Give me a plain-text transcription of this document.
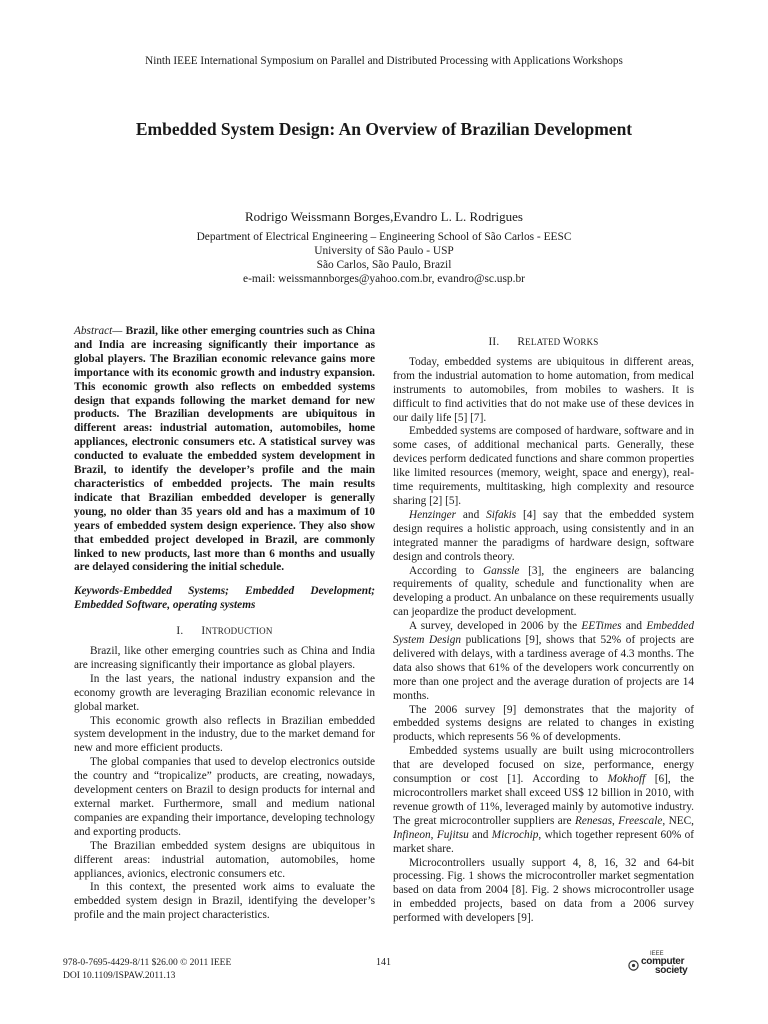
Ninth IEEE International Symposium on Parallel and Distributed Processing with Applications Workshops
Embedded System Design: An Overview of Brazilian Development
Rodrigo Weissmann Borges,Evandro L. L. Rodrigues
Department of Electrical Engineering – Engineering School of São Carlos - EESC
University of São Paulo - USP
São Carlos, São Paulo, Brazil
e-mail: weissmannborges@yahoo.com.br, evandro@sc.usp.br
Abstract— Brazil, like other emerging countries such as China and India are increasing significantly their importance as global players. The Brazilian economic relevance gains more importance with its economic growth and industry expansion. This economic growth also reflects on embedded systems design that expands following the market demand for new products. The Brazilian developments are ubiquitous in different areas: industrial automation, automobiles, home appliances, electronic consumers etc. A statistical survey was conducted to evaluate the embedded system development in Brazil, to identify the developer’s profile and the main characteristics of embedded projects. The main results indicate that Brazilian embedded developer is generally young, no older than 35 years old and has a maximum of 10 years of embedded system design experience. They also show that embedded project developed in Brazil, are commonly linked to new products, last more than 6 months and usually are delayed considering the initial schedule.
Keywords-Embedded Systems; Embedded Development; Embedded Software, operating systems
I. INTRODUCTION

Brazil, like other emerging countries such as China and India are increasing significantly their importance as global players.

In the last years, the national industry expansion and the economy growth are leveraging Brazilian economic relevance in global market.

This economic growth also reflects in Brazilian embedded system development in the industry, due to the market demand for new and more efficient products.

The global companies that used to develop electronics outside the country and “tropicalize” products, are creating, nowadays, development centers on Brazil to design products for internal and external market. Furthermore, small and medium national companies are expanding their importance, developing technology and exporting products.

The Brazilian embedded system designs are ubiquitous in different areas: industrial automation, automobiles, home appliances, avionics, electronic consumers etc.

In this context, the presented work aims to evaluate the embedded system design in Brazil, identifying the developer’s profile and the main project characteristics.

II. RELATED WORKS

Today, embedded systems are ubiquitous in different areas, from the industrial automation to home automation, from medical instruments to automobiles, from mobiles to washers. It is difficult to find activities that do not make use of these devices in our daily life [5] [7].

Embedded systems are composed of hardware, software and in some cases, of additional mechanical parts. Generally, these devices perform dedicated functions and share common properties like limited resources (memory, weight, space and energy), real-time requirements, multitasking, high complexity and resource sharing [2] [5].

Henzinger and Sifakis [4] say that the embedded system design requires a holistic approach, using consistently and in an integrated manner the paradigms of hardware design, software design and controls theory.

According to Ganssle [3], the engineers are balancing requirements of quality, schedule and functionality when are developing a product. An unbalance on these requirements usually can jeopardize the product development.

A survey, developed in 2006 by the EETimes and Embedded System Design publications [9], shows that 52% of projects are delivered with delays, with a tardiness average of 4.3 months. The data also shows that 61% of the developers work concurrently on more than one project and the average duration of projects are 14 months.

The 2006 survey [9] demonstrates that the majority of embedded systems designs are related to changes in existing products, which represents 56 % of developments.

Embedded systems usually are built using microcontrollers that are developed focused on size, performance, energy consumption or cost [1]. According to Mokhoff [6], the microcontrollers market shall exceed US$ 12 billion in 2010, with revenue growth of 11%, leveraged mainly by automotive industry. The great microcontroller suppliers are Renesas, Freescale, NEC, Infineon, Fujitsu and Microchip, which together represent 60% of market share.

Microcontrollers usually support 4, 8, 16, 32 and 64-bit processing. Fig. 1 shows the microcontroller market segmentation based on data from 2004 [8]. Fig. 2 shows microcontroller usage in embedded projects, based on data from a 2006 survey performed with developers [9].

978-0-7695-4429-8/11 $26.00 © 2011 IEEE
DOI 10.1109/ISPAW.2011.13
141
IEEE
computer
society
